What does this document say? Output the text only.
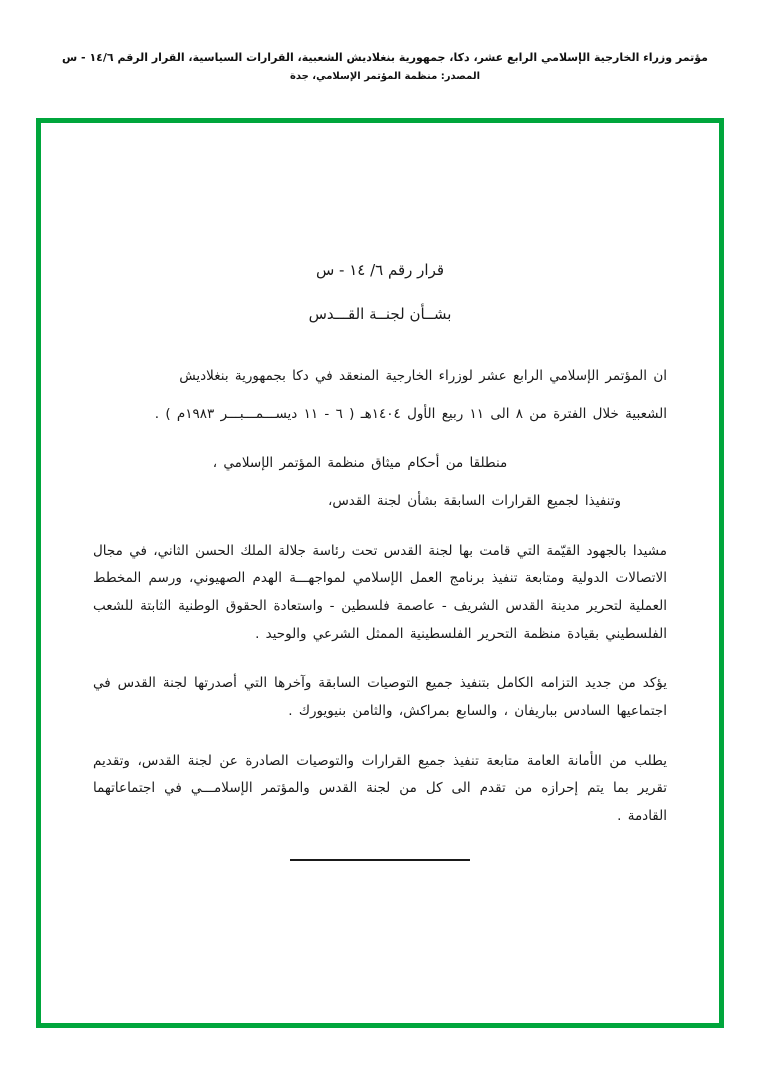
مؤتمر وزراء الخارجية الإسلامي الرابع عشر، دكا، جمهورية بنغلاديش الشعبية، القرارات السياسية، القرار الرقم ١٤/٦ - س
المصدر: منظمة المؤتمر الإسلامي، جدة
قرار رقم ٦/ ١٤ - س
بشــأن لجنــة القـــدس

ان المؤتمر الإسلامي الرابع عشر لوزراء الخارجية المنعقد في دكا بجمهورية بنغلاديش

الشعبية خلال الفترة من ٨ الى ١١ ربيع الأول ١٤٠٤هـ ( ٦ - ١١ ديســـمـــبـــر ١٩٨٣م ) .

منطلقا من أحكام ميثاق منظمة المؤتمر الإسلامي ،

وتنفيذا لجميع القرارات السابقة بشأن لجنة القدس،

مشيدا بالجهود القيّمة التي قامت بها لجنة القدس تحت رئاسة جلالة الملك الحسن الثاني، في مجال الاتصالات الدولية ومتابعة تنفيذ برنامج العمل الإسلامي لمواجهـــة الهدم الصهيوني، ورسم المخطط العملية لتحرير مدينة القدس الشريف - عاصمة فلسطين - واستعادة الحقوق الوطنية الثابتة للشعب الفلسطيني بقيادة منظمة التحرير الفلسطينية الممثل الشرعي والوحيد .

يؤكد من جديد التزامه الكامل بتنفيذ جميع التوصيات السابقة وآخرها التي أصدرتها لجنة القدس في اجتماعيها السادس بباريفان ، والسابع بمراكش، والثامن بنيويورك .

يطلب من الأمانة العامة متابعة تنفيذ جميع القرارات والتوصيات الصادرة عن لجنة القدس، وتقديم تقرير بما يتم إحرازه من تقدم الى كل من لجنة القدس والمؤتمر الإسلامـــي في اجتماعاتهما القادمة .
